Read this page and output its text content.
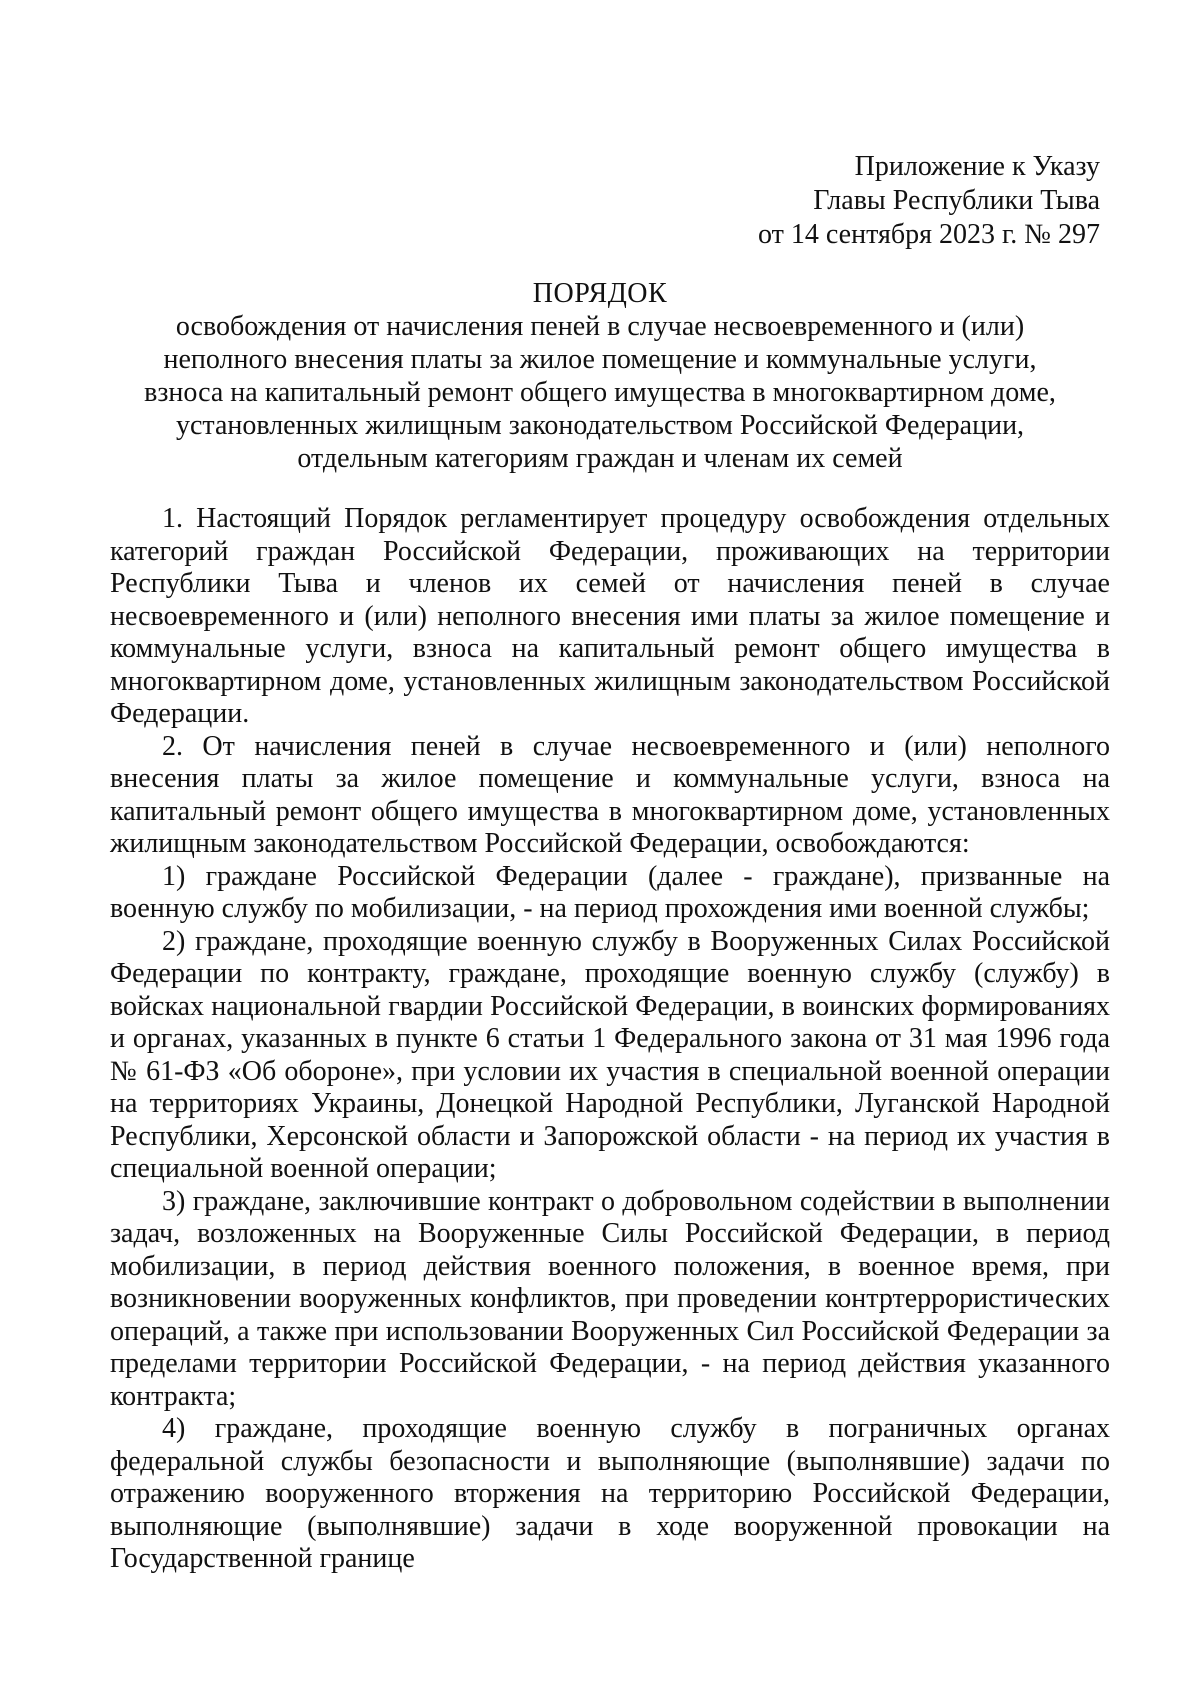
Приложение к Указу
Главы Республики Тыва
от 14 сентября 2023 г. № 297
ПОРЯДОК
освобождения от начисления пеней в случае несвоевременного и (или)
неполного внесения платы за жилое помещение и коммунальные услуги,
взноса на капитальный ремонт общего имущества в многоквартирном доме,
установленных жилищным законодательством Российской Федерации,
отдельным категориям граждан и членам их семей

1. Настоящий Порядок регламентирует процедуру освобождения отдельных категорий граждан Российской Федерации, проживающих на территории Республики Тыва и членов их семей от начисления пеней в случае несвоевременного и (или) неполного внесения ими платы за жилое помещение и коммунальные услуги, взноса на капитальный ремонт общего имущества в многоквартирном доме, установленных жилищным законодательством Российской Федерации.

2. От начисления пеней в случае несвоевременного и (или) неполного внесения платы за жилое помещение и коммунальные услуги, взноса на капитальный ремонт общего имущества в многоквартирном доме, установленных жилищным законодательством Российской Федерации, освобождаются:

1) граждане Российской Федерации (далее - граждане), призванные на военную службу по мобилизации, - на период прохождения ими военной службы;

2) граждане, проходящие военную службу в Вооруженных Силах Российской Федерации по контракту, граждане, проходящие военную службу (службу) в войсках национальной гвардии Российской Федерации, в воинских формированиях и органах, указанных в пункте 6 статьи 1 Федерального закона от 31 мая 1996 года № 61-ФЗ «Об обороне», при условии их участия в специальной военной операции на территориях Украины, Донецкой Народной Республики, Луганской Народной Республики, Херсонской области и Запорожской области - на период их участия в специальной военной операции;

3) граждане, заключившие контракт о добровольном содействии в выполнении задач, возложенных на Вооруженные Силы Российской Федерации, в период мобилизации, в период действия военного положения, в военное время, при возникновении вооруженных конфликтов, при проведении контртеррористических операций, а также при использовании Вооруженных Сил Российской Федерации за пределами территории Российской Федерации, - на период действия указанного контракта;

4) граждане, проходящие военную службу в пограничных органах федеральной службы безопасности и выполняющие (выполнявшие) задачи по отражению вооруженного вторжения на территорию Российской Федерации, выполняющие (выполнявшие) задачи в ходе вооруженной провокации на Государственной границе
